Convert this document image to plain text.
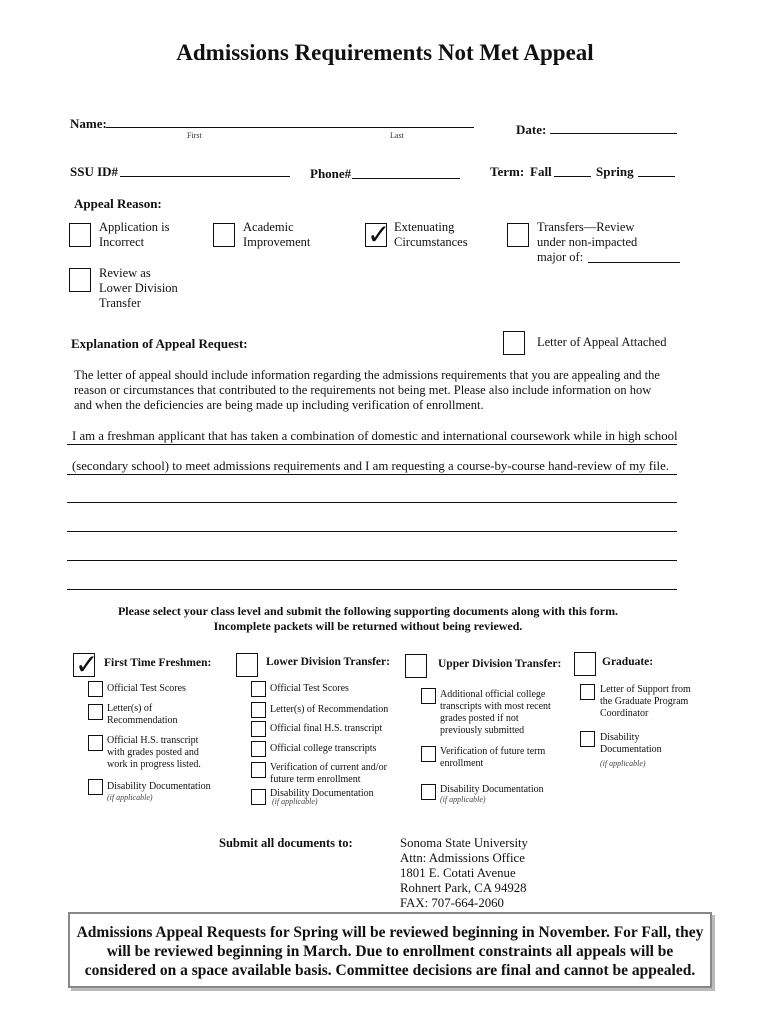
Admissions Requirements Not Met Appeal
Name:
First	Last	Date:
SSU ID#	Phone#	Term: Fall	Spring
Appeal Reason:
Application is
Incorrect
Academic
Improvement ✓ Extenuating
Circumstances
Transfers—Review
under non-impacted
major of:
Review as
Lower Division
Transfer
Explanation of Appeal Request:	Letter of Appeal Attached
The letter of appeal should include information regarding the admissions requirements that you are appealing and the
reason or circumstances that contributed to the requirements not being met. Please also include information on how
and when the deficiencies are being made up including verification of enrollment.
I am a freshman applicant that has taken a combination of domestic and international coursework while in high school
(secondary school) to meet admissions requirements and I am requesting a course-by-course hand-review of my file.
Please select your class level and submit the following supporting documents along with this form.
Incomplete packets will be returned without being reviewed.
✓ First Time Freshmen:
Official Test Scores
Letter(s) of
Recommendation
Official H.S. transcript
with grades posted and
work in progress listed.
Disability Documentation
(if applicable)
Lower Division Transfer:
Official Test Scores
Letter(s) of Recommendation
Official final H.S. transcript
Official college transcripts
Verification of current and/or
future term enrollment
Disability Documentation
(if applicable)
Upper Division Transfer:
Additional official college
transcripts with most recent
grades posted if not
previously submitted
Verification of future term
enrollment
Disability Documentation
(if applicable)
Graduate:
Letter of Support from
the Graduate Program
Coordinator
Disability
Documentation
(if applicable)
Submit all documents to:	Sonoma State University
Attn: Admissions Office
1801 E. Cotati Avenue
Rohnert Park, CA 94928
FAX: 707-664-2060
Admissions Appeal Requests for Spring will be reviewed beginning in November. For Fall, they
will be reviewed beginning in March. Due to enrollment constraints all appeals will be
considered on a space available basis. Committee decisions are final and cannot be appealed.
